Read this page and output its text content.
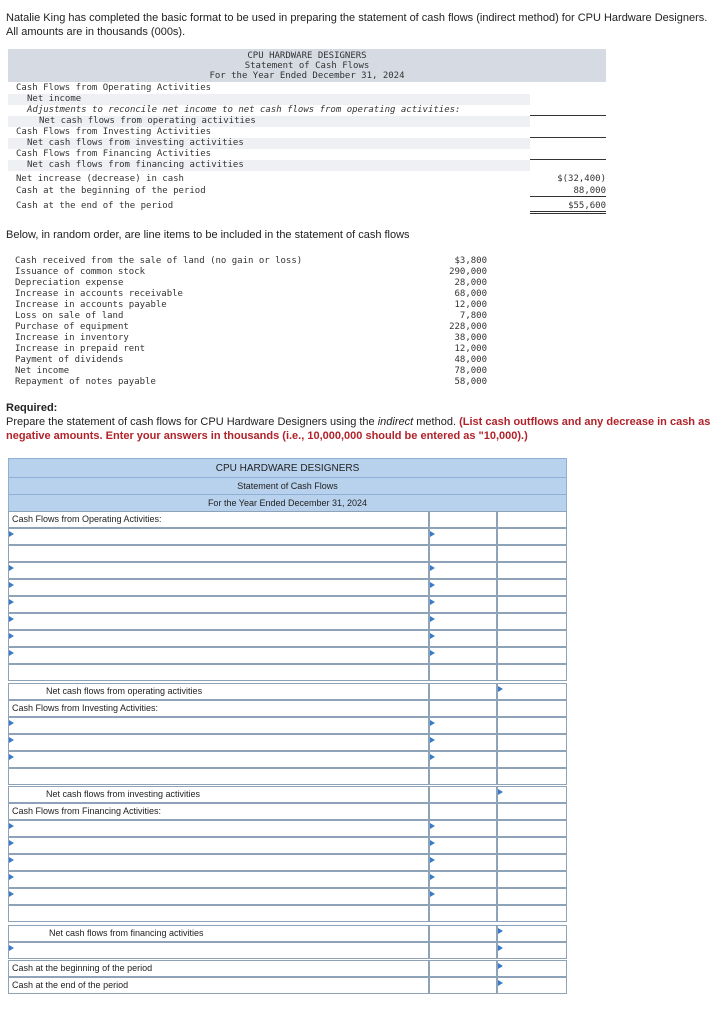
Natalie King has completed the basic format to be used in preparing the statement of cash flows (indirect method) for CPU Hardware Designers. All amounts are in thousands (000s).
CPU HARDWARE DESIGNERS
Statement of Cash Flows
For the Year Ended December 31, 2024
Cash Flows from Operating Activities
Net income
Adjustments to reconcile net income to net cash flows from operating activities:
Net cash flows from operating activities
Cash Flows from Investing Activities
Net cash flows from investing activities
Cash Flows from Financing Activities
Net cash flows from financing activities
Net increase (decrease) in cash	$(32,400)
Cash at the beginning of the period	88,000
Cash at the end of the period	$55,600
Below, in random order, are line items to be included in the statement of cash flows
Cash received from the sale of land (no gain or loss)	$3,800
Issuance of common stock	290,000
Depreciation expense	28,000
Increase in accounts receivable	68,000
Increase in accounts payable	12,000
Loss on sale of land	7,800
Purchase of equipment	228,000
Increase in inventory	38,000
Increase in prepaid rent	12,000
Payment of dividends	48,000
Net income	78,000
Repayment of notes payable	58,000
Required:
Prepare the statement of cash flows for CPU Hardware Designers using the indirect method. (List cash outflows and any decrease in cash as negative amounts. Enter your answers in thousands (i.e., 10,000,000 should be entered as "10,000).)
CPU HARDWARE DESIGNERS
Statement of Cash Flows
For the Year Ended December 31, 2024
Cash Flows from Operating Activities:
Net cash flows from operating activities
Cash Flows from Investing Activities:
Net cash flows from investing activities
Cash Flows from Financing Activities:
Net cash flows from financing activities
Cash at the beginning of the period
Cash at the end of the period
